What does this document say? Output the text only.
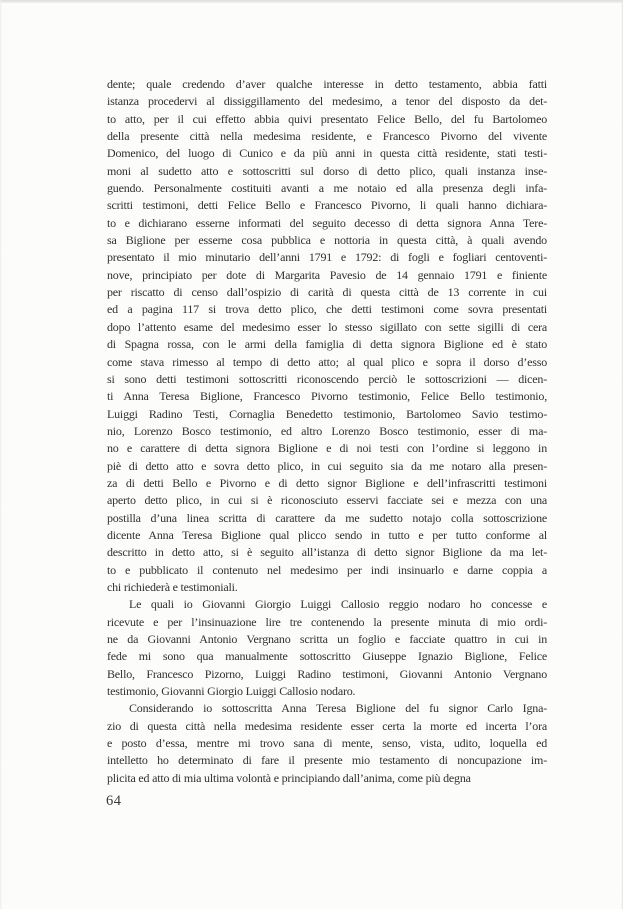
dente; quale credendo d’aver qualche interesse in detto testamento, abbia fatti
istanza procedervi al dissiggillamento del medesimo, a tenor del disposto da det-
to atto, per il cui effetto abbia quivi presentato Felice Bello, del fu Bartolomeo
della presente città nella medesima residente, e Francesco Pivorno del vivente
Domenico, del luogo di Cunico e da più anni in questa città residente, stati testi-
moni al sudetto atto e sottoscritti sul dorso di detto plico, quali instanza inse-
guendo. Personalmente costituiti avanti a me notaio ed alla presenza degli infa-
scritti testimoni, detti Felice Bello e Francesco Pivorno, li quali hanno dichiara-
to e dichiarano esserne informati del seguito decesso di detta signora Anna Tere-
sa Biglione per esserne cosa pubblica e nottoria in questa città, à quali avendo
presentato il mio minutario dell’anni 1791 e 1792: di fogli e fogliari centoventi-
nove, principiato per dote di Margarita Pavesio de 14 gennaio 1791 e finiente
per riscatto di censo dall’ospizio di carità di questa città de 13 corrente in cui
ed a pagina 117 si trova detto plico, che detti testimoni come sovra presentati
dopo l’attento esame del medesimo esser lo stesso sigillato con sette sigilli di cera
di Spagna rossa, con le armi della famiglia di detta signora Biglione ed è stato
come stava rimesso al tempo di detto atto; al qual plico e sopra il dorso d’esso
si sono detti testimoni sottoscritti riconoscendo perciò le sottoscrizioni — dicen-
ti Anna Teresa Biglione, Francesco Pivorno testimonio, Felice Bello testimonio,
Luiggi Radino Testi, Cornaglia Benedetto testimonio, Bartolomeo Savio testimo-
nio, Lorenzo Bosco testimonio, ed altro Lorenzo Bosco testimonio, esser di ma-
no e carattere di detta signora Biglione e di noi testi con l’ordine si leggono in
piè di detto atto e sovra detto plico, in cui seguito sia da me notaro alla presen-
za di detti Bello e Pivorno e di detto signor Biglione e dell’infrascritti testimoni
aperto detto plico, in cui si è riconosciuto esservi facciate sei e mezza con una
postilla d’una linea scritta di carattere da me sudetto notajo colla sottoscrizione
dicente Anna Teresa Biglione qual plicco sendo in tutto e per tutto conforme al
descritto in detto atto, si è seguito all’istanza di detto signor Biglione da ma let-
to e pubblicato il contenuto nel medesimo per indi insinuarlo e darne coppia a
chi richiederà e testimoniali.
Le quali io Giovanni Giorgio Luiggi Callosio reggio nodaro ho concesse e
ricevute e per l’insinuazione lire tre contenendo la presente minuta di mio ordi-
ne da Giovanni Antonio Vergnano scritta un foglio e facciate quattro in cui in
fede mi sono qua manualmente sottoscritto Giuseppe Ignazio Biglione, Felice
Bello, Francesco Pizorno, Luiggi Radino testimoni, Giovanni Antonio Vergnano
testimonio, Giovanni Giorgio Luiggi Callosio nodaro.
Considerando io sottoscritta Anna Teresa Biglione del fu signor Carlo Igna-
zio di questa città nella medesima residente esser certa la morte ed incerta l’ora
e posto d’essa, mentre mi trovo sana di mente, senso, vista, udito, loquella ed
intelletto ho determinato di fare il presente mio testamento di noncupazione im-
plicita ed atto di mia ultima volontà e principiando dall’anima, come più degna
64
